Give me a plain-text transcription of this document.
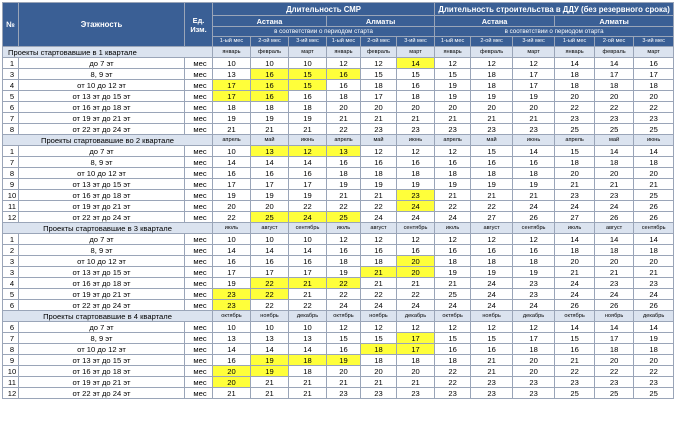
№	Этажность	Ед. Изм.	Длительность СМР						Длительность строительства в ДДУ (без резервного срока)					
			Астана			Алматы			Астана			Алматы		
			в соответствии о периодом старта						в соответствии о периодом отарта					
			1-ый мес	2-ой мес	3-ий мес	1-ый мес	2-ой мес	3-ий мес	1-ый мес	2-ой мес	3-ий мес	1-ый мес	2-ой мес	3-ий мес
Проекты стартовавшие в 1 квартале			январь	февраль	март	январь	февраль	март	январь	февраль	март	январь	февраль	март
1	до 7 эт	мес	10	10	10	12	12	14	12	12	12	14	14	16
3	8, 9 эт	мес	13	16	15	16	15	15	15	18	17	18	17	17
4	от 10 до 12 эт	мес	17	16	15	16	18	16	19	18	17	18	18	18
5	от 13 эт до 15 эт	мес	17	16	16	18	17	18	19	19	19	20	20	20
6	от 16 эт до 18 эт	мес	18	18	18	20	20	20	20	20	20	22	22	22
7	от 19 эт до 21 эт	мес	19	19	19	21	21	21	21	21	21	23	23	23
8	от 22 эт до 24 эт	мес	21	21	21	22	23	23	23	23	23	25	25	25
Проекты стартовавшие во 2 квартале			апрель	май	июнь	апрель	май	июнь	апрель	май	июнь	апрель	май	июнь
1	до 7 эт	мес	10	13	12	13	12	12	12	15	14	15	14	14
7	8, 9 эт	мес	14	14	14	16	16	16	16	16	16	18	18	18
8	от 10 до 12 эт	мес	16	16	16	18	18	18	18	18	18	20	20	20
9	от 13 эт до 15 эт	мес	17	17	17	19	19	19	19	19	19	21	21	21
10	от 16 эт до 18 эт	мес	19	19	19	21	21	23	21	21	21	23	23	25
11	от 19 эт до 21 эт	мес	20	20	22	22	22	24	22	22	24	24	24	26
12	от 22 эт до 24 эт	мес	22	25	24	25	24	24	24	27	26	27	26	26
Проекты стартовавшие в 3 квартале			июль	август	сентябрь	июль	август	сентябрь	июль	август	сентябрь	июль	август	сентябрь
1	до 7 эт	мес	10	10	10	12	12	12	12	12	12	14	14	14
2	8, 9 эт	мес	14	14	14	16	16	16	16	16	16	18	18	18
3	от 10 до 12 эт	мес	16	16	16	18	18	20	18	18	18	20	20	20
3	от 13 эт до 15 эт	мес	17	17	17	19	21	20	19	19	19	21	21	21
4	от 16 эт до 18 эт	мес	19	22	21	22	21	21	21	24	23	24	23	23
5	от 19 эт до 21 эт	мес	23	22	21	22	22	22	25	24	23	24	24	24
6	от 22 эт до 24 эт	мес	23	22	22	24	24	24	24	24	24	26	26	26
Проекты стартовавшие в 4 квартале			октябрь	ноябрь	декабрь	октябрь	ноябрь	декабрь	октябрь	ноябрь	декабрь	октябрь	ноябрь	декабрь
6	до 7 эт	мес	10	10	10	12	12	12	12	12	12	14	14	14
7	8, 9 эт	мес	13	13	13	15	15	17	15	15	17	15	17	19
8	от 10 до 12 эт	мес	14	14	14	16	18	17	16	16	18	16	18	18
9	от 13 эт до 15 эт	мес	16	19	18	19	18	18	18	21	20	21	20	20
10	от 16 эт до 18 эт	мес	20	19	18	20	20	20	22	21	20	22	22	22
11	от 19 эт до 21 эт	мес	20	21	21	21	21	21	22	23	23	23	23	23
12	от 22 эт до 24 эт	мес	21	21	21	23	23	23	23	23	23	25	25	25
